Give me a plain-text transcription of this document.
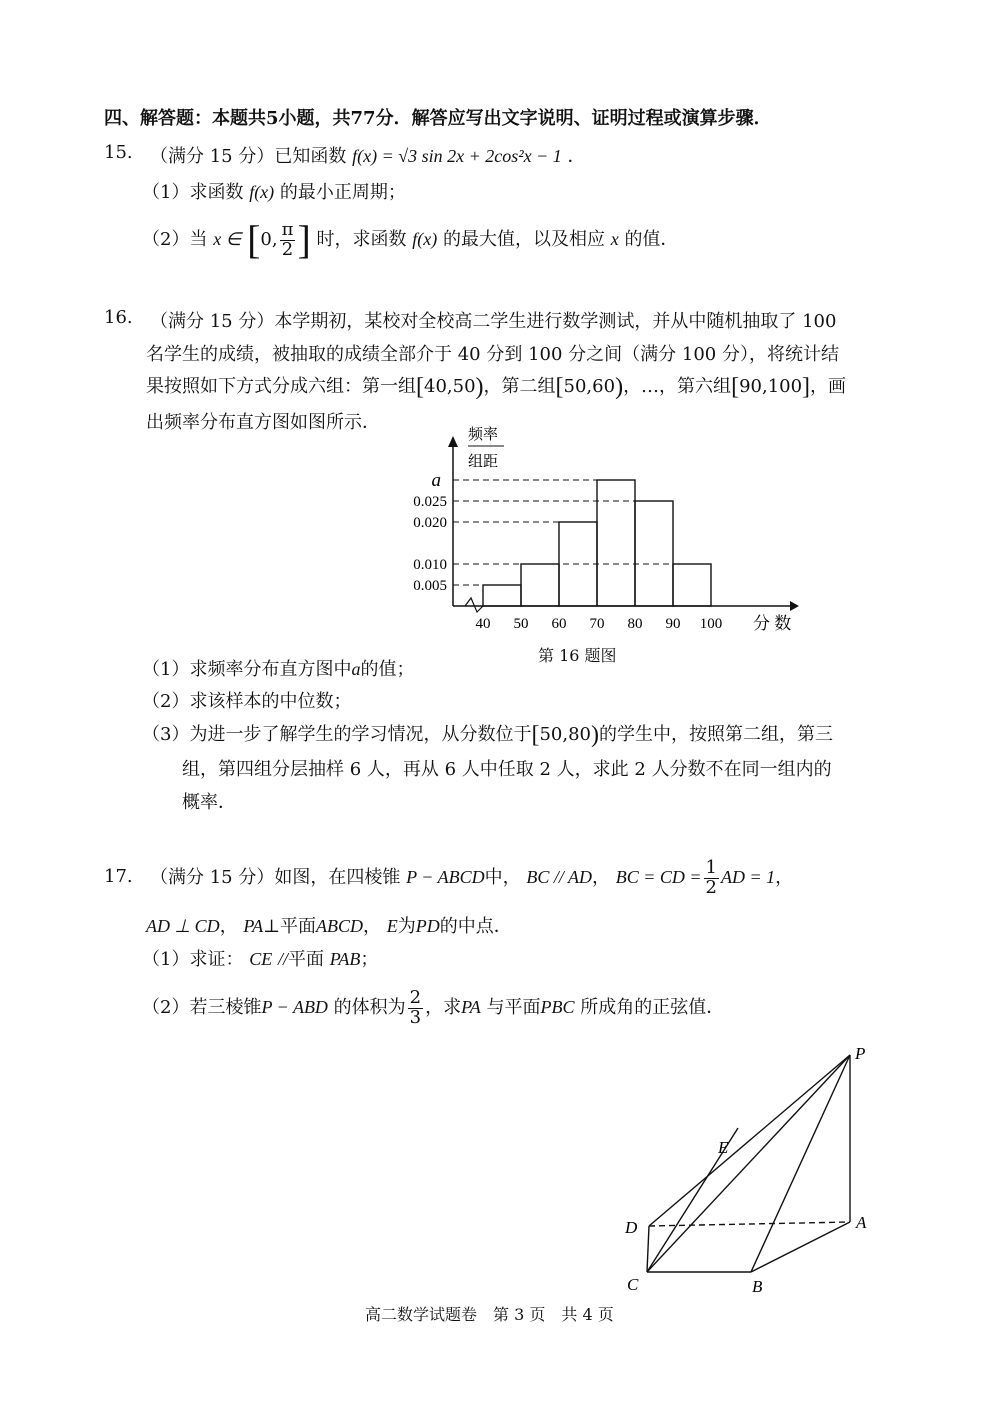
四、解答题：本题共5小题，共77分．解答应写出文字说明、证明过程或演算步骤．
15. （满分 15 分）已知函数 f(x) = √3 sin 2x + 2cos²x − 1 ．
（1）求函数 f(x) 的最小正周期；
（2）当 x ∈ [0, $\frac{\pi}{2}$ ] 时，求函数 f(x) 的最大值，以及相应 x 的值．
16. （满分 15 分）本学期初，某校对全校高二学生进行数学测试，并从中随机抽取了 100
名学生的成绩，被抽取的成绩全部介于 40 分到 100 分之间（满分 100 分），将统计结
果按照如下方式分成六组：第一组[40,50)，第二组[50,60)，…，第六组[90,100]，画
出频率分布直方图如图所示．
频率
组距
0.005
0.010
0.020
0.025
a
40 50 60 70 80 90 100 分 数
第 16 题图
（1）求频率分布直方图中a的值；
（2）求该样本的中位数；
（3）为进一步了解学生的学习情况，从分数位于[50,80)的学生中，按照第二组，第三
组，第四组分层抽样 6 人，再从 6 人中任取 2 人，求此 2 人分数不在同一组内的
概率．
17. （满分 15 分）如图，在四棱锥 P − ABCD中， BC // AD， BC = CD = $\frac{1}{2}$ AD = 1，
AD ⊥ CD， PA⊥平面ABCD， E为PD的中点．
（1）求证： CE //平面 PAB；
（2）若三棱锥P − ABD 的体积为 $\frac{2}{3}$ ，求PA 与平面PBC 所成角的正弦值．
P
E
D	A
C	B
高二数学试题卷　第 3 页　共 4 页
